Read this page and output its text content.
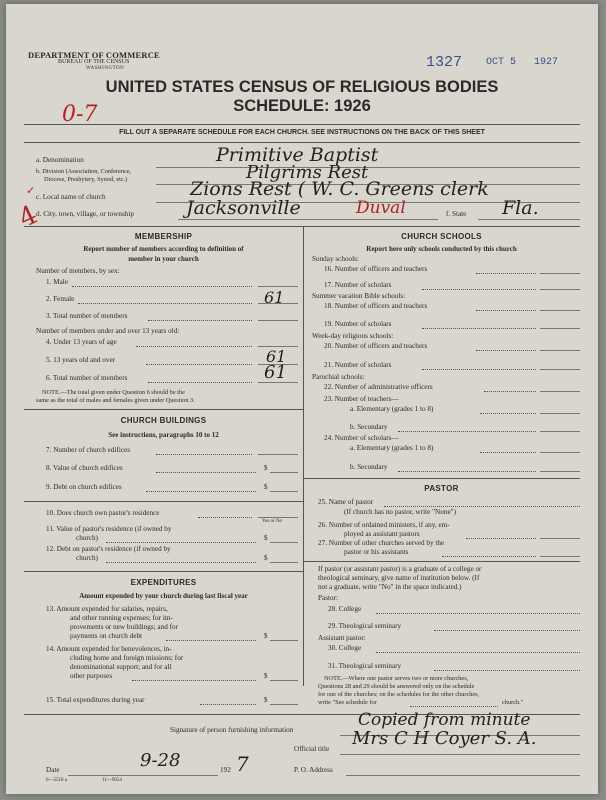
DEPARTMENT OF COMMERCE
BUREAU OF THE CENSUS
WASHINGTON	1327 OCT 5 1927
UNITED STATES CENSUS OF RELIGIOUS BODIES
SCHEDULE: 1926
0-7
FILL OUT A SEPARATE SCHEDULE FOR EACH CHURCH. SEE INSTRUCTIONS ON THE BACK OF THIS SHEET
a. Denomination	Primitive Baptist
b. Division (Association, Conference,
Diocese, Presbytery, Synod, etc.)	Pilgrims Rest
c. Local name of church	Zions Rest ( W. C. Greens clerk
✓
d. City, town, village, or township	Jacksonville	Duval	f. State Fla.
4
MEMBERSHIP
Report number of members according to definition of
member in your church
Number of members, by sex:
1. Male
2. Female	61
3. Total number of members
Number of members under and over 13 years old:
4. Under 13 years of age
5. 13 years old and over	61
6. Total number of members	61
NOTE.—The total given under Question 6 should be the
same as the total of males and females given under Question 3.
CHURCH BUILDINGS
See instructions, paragraphs 10 to 12
7. Number of church edifices
8. Value of church edifices	$
9. Debt on church edifices	$
10. Does church own pastor's residence
Yes or No
11. Value of pastor's residence (if owned by
church)	$
12. Debt on pastor's residence (if owned by
church)	$
EXPENDITURES
Amount expended by your church during last fiscal year
13. Amount expended for salaries, repairs,
and other running expenses; for im-
provements or new buildings; and for
payments on church debt	$
14. Amount expended for benevolences, in-
cluding home and foreign missions; for
denominational support; and for all
other purposes	$
15. Total expenditures during year	$
CHURCH SCHOOLS
Report here only schools conducted by this church
Sunday schools:
16. Number of officers and teachers
17. Number of scholars
Summer vacation Bible schools:
18. Number of officers and teachers
19. Number of scholars
Week-day religious schools:
20. Number of officers and teachers
21. Number of scholars
Parochial schools:
22. Number of administrative officers
23. Number of teachers—
a. Elementary (grades 1 to 8)
b. Secondary
24. Number of scholars—
a. Elementary (grades 1 to 8)
b. Secondary
PASTOR
25. Name of pastor
(If church has no pastor, write "None")
26. Number of ordained ministers, if any, em-
ployed as assistant pastors
27. Number of other churches served by the
pastor or his assistants
If pastor (or assistant pastor) is a graduate of a college or
theological seminary, give name of institution below. (If
not a graduate, write "No" in the space indicated.)
Pastor:
28. College
29. Theological seminary
Assistant pastor:
30. College
31. Theological seminary
NOTE.—Where one pastor serves two or more churches,
Questions 28 and 29 should be answered only on the schedule
for one of the churches; on the schedules for the other churches,
write "See schedule for	church."
Signature of person furnishing information	Copied from minute
Official title Mrs C H Coyer S. A.
Date	9-28	192 7	P. O. Address
6—5518 a	11—9054
